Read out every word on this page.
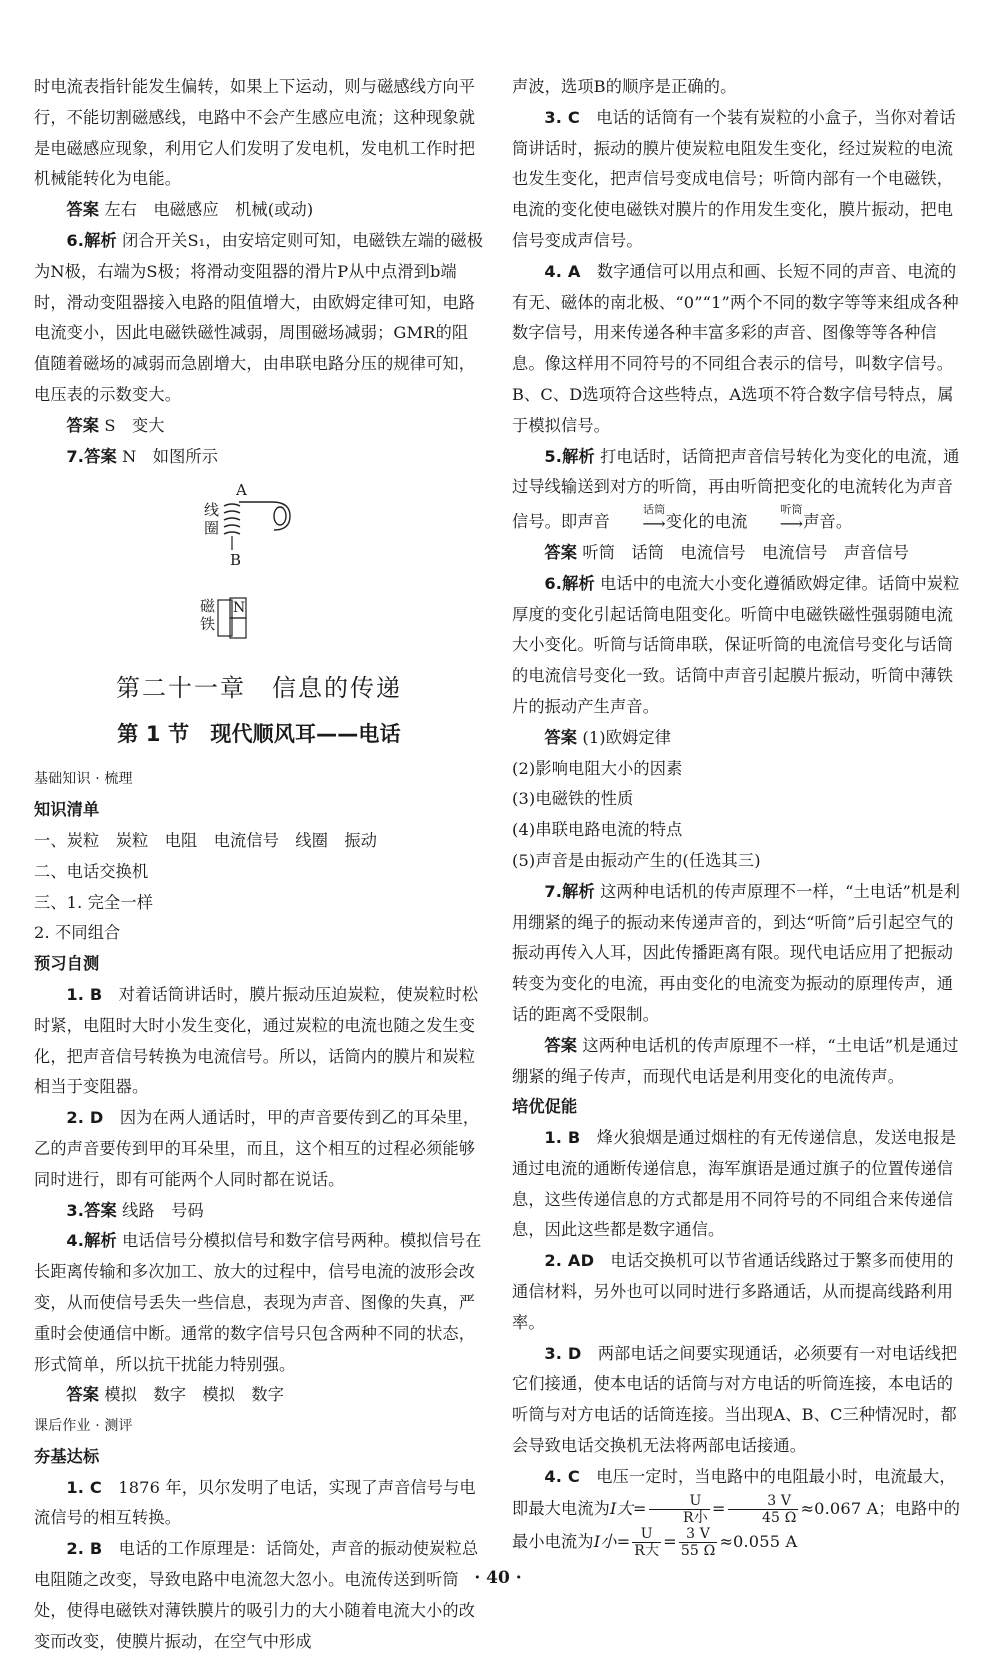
时电流表指针能发生偏转，如果上下运动，则与磁感线方向平行，不能切割磁感线，电路中不会产生感应电流；这种现象就是电磁感应现象，利用它人们发明了发电机，发电机工作时把机械能转化为电能。

答案 左右　电磁感应　机械(或动)

6.解析 闭合开关S₁，由安培定则可知，电磁铁左端的磁极为N极，右端为S极；将滑动变阻器的滑片P从中点滑到b端时，滑动变阻器接入电路的阻值增大，由欧姆定律可知，电路电流变小，因此电磁铁磁性减弱，周围磁场减弱；GMR的阻值随着磁场的减弱而急剧增大，由串联电路分压的规律可知，电压表的示数变大。

答案 S　变大

7.答案 N　如图所示

线
圈
A
B
磁
铁
N
第二十一章　信息的传递
第 1 节　现代顺风耳——电话

基础知识 · 梳理

知识清单

一、炭粒　炭粒　电阻　电流信号　线圈　振动

二、电话交换机

三、1. 完全一样

2. 不同组合

预习自测

1. B　 对着话筒讲话时，膜片振动压迫炭粒，使炭粒时松时紧，电阻时大时小发生变化，通过炭粒的电流也随之发生变化，把声音信号转换为电流信号。所以，话筒内的膜片和炭粒相当于变阻器。

2. D　 因为在两人通话时，甲的声音要传到乙的耳朵里，乙的声音要传到甲的耳朵里，而且，这个相互的过程必须能够同时进行，即有可能两个人同时都在说话。

3.答案 线路　号码

4.解析 电话信号分模拟信号和数字信号两种。模拟信号在长距离传输和多次加工、放大的过程中，信号电流的波形会改变，从而使信号丢失一些信息，表现为声音、图像的失真，严重时会使通信中断。通常的数字信号只包含两种不同的状态，形式简单，所以抗干扰能力特别强。

答案 模拟　数字　模拟　数字

课后作业 · 测评

夯基达标

1. C　 1876 年，贝尔发明了电话，实现了声音信号与电流信号的相互转换。

2. B　 电话的工作原理是：话筒处，声音的振动使炭粒总电阻随之改变，导致电路中电流忽大忽小。电流传送到听筒处，使得电磁铁对薄铁膜片的吸引力的大小随着电流大小的改变而改变，使膜片振动，在空气中形成

声波，选项B的顺序是正确的。

3. C　 电话的话筒有一个装有炭粒的小盒子，当你对着话筒讲话时，振动的膜片使炭粒电阻发生变化，经过炭粒的电流也发生变化，把声信号变成电信号；听筒内部有一个电磁铁，电流的变化使电磁铁对膜片的作用发生变化，膜片振动，把电信号变成声信号。

4. A　 数字通信可以用点和画、长短不同的声音、电流的有无、磁体的南北极、“0”“1”两个不同的数字等等来组成各种数字信号，用来传递各种丰富多彩的声音、图像等等各种信息。像这样用不同符号的不同组合表示的信号，叫数字信号。B、C、D选项符合这些特点，A选项不符合数字信号特点，属于模拟信号。

5.解析 打电话时，话筒把声音信号转化为变化的电流，通过导线输送到对方的听筒，再由听筒把变化的电流转化为声音信号。即声音
话筒
⟶ 变化的电流
听筒
⟶ 声音。

答案 听筒　话筒　电流信号　电流信号　声音信号

6.解析 电话中的电流大小变化遵循欧姆定律。话筒中炭粒厚度的变化引起话筒电阻变化。听筒中电磁铁磁性强弱随电流大小变化。听筒与话筒串联，保证听筒的电流信号变化与话筒的电流信号变化一致。话筒中声音引起膜片振动，听筒中薄铁片的振动产生声音。

答案 (1)欧姆定律

(2)影响电阻大小的因素

(3)电磁铁的性质

(4)串联电路电流的特点

(5)声音是由振动产生的(任选其三)

7.解析 这两种电话机的传声原理不一样，“土电话”机是利用绷紧的绳子的振动来传递声音的，到达“听筒”后引起空气的振动再传入人耳，因此传播距离有限。现代电话应用了把振动转变为变化的电流，再由变化的电流变为振动的原理传声，通话的距离不受限制。

答案 这两种电话机的传声原理不一样，“土电话”机是通过绷紧的绳子传声，而现代电话是利用变化的电流传声。

培优促能

1. B　 烽火狼烟是通过烟柱的有无传递信息，发送电报是通过电流的通断传递信息，海军旗语是通过旗子的位置传递信息，这些传递信息的方式都是用不同符号的不同组合来传递信息，因此这些都是数字通信。

2. AD　 电话交换机可以节省通话线路过于繁多而使用的通信材料，另外也可以同时进行多路通话，从而提高线路利用率。

3. D　 两部电话之间要实现通话，必须要有一对电话线把它们接通，使本电话的话筒与对方电话的听筒连接，本电话的听筒与对方电话的话筒连接。当出现A、B、C三种情况时，都会导致电话交换机无法将两部电话接通。

4. C　 电压一定时，当电路中的电阻最小时，电流最大，即最大电流为I大= $\frac{U}{\text{R小}} = \frac{3 V}{45 \Omega} \approx 0.067$ A；电路中的

最小电流为I小= $\frac{U}{\text{R大}} = \frac{3 V}{55 \Omega} \approx 0.055$ A

· 40 ·
